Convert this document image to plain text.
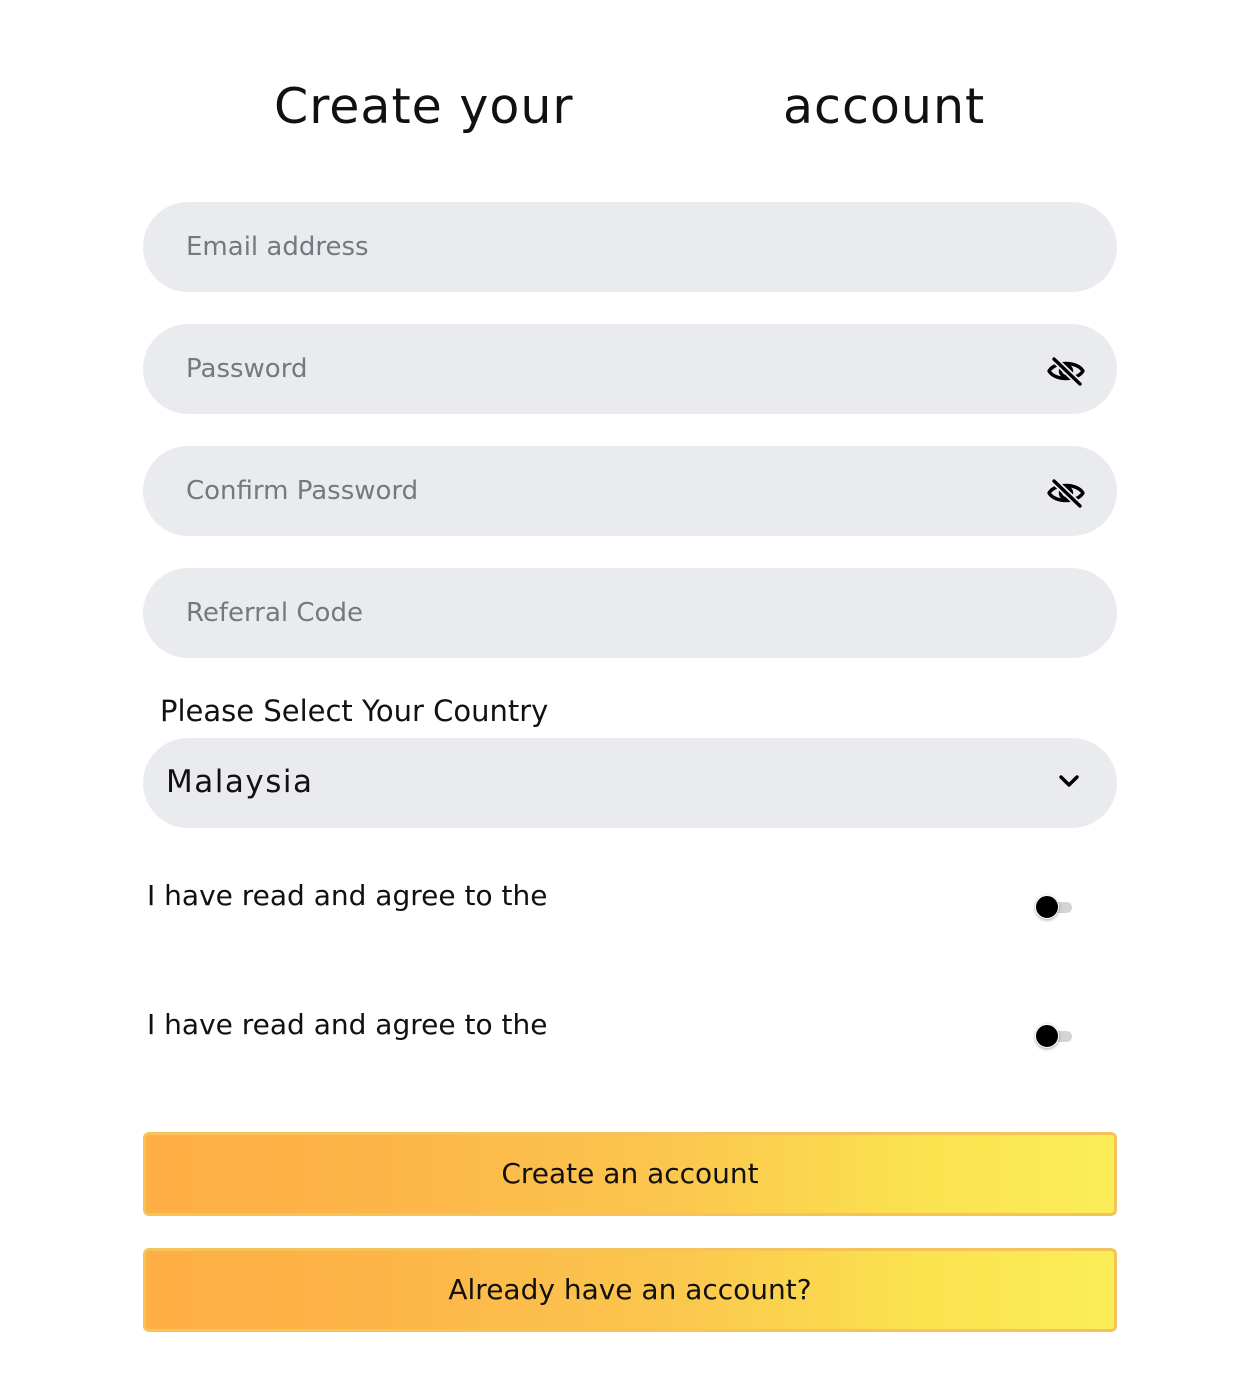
Create your	account
Email address
Referral Code
Please Select Your Country
Malaysia
I have read and agree to the
I have read and agree to the
Create an account
Already have an account?
